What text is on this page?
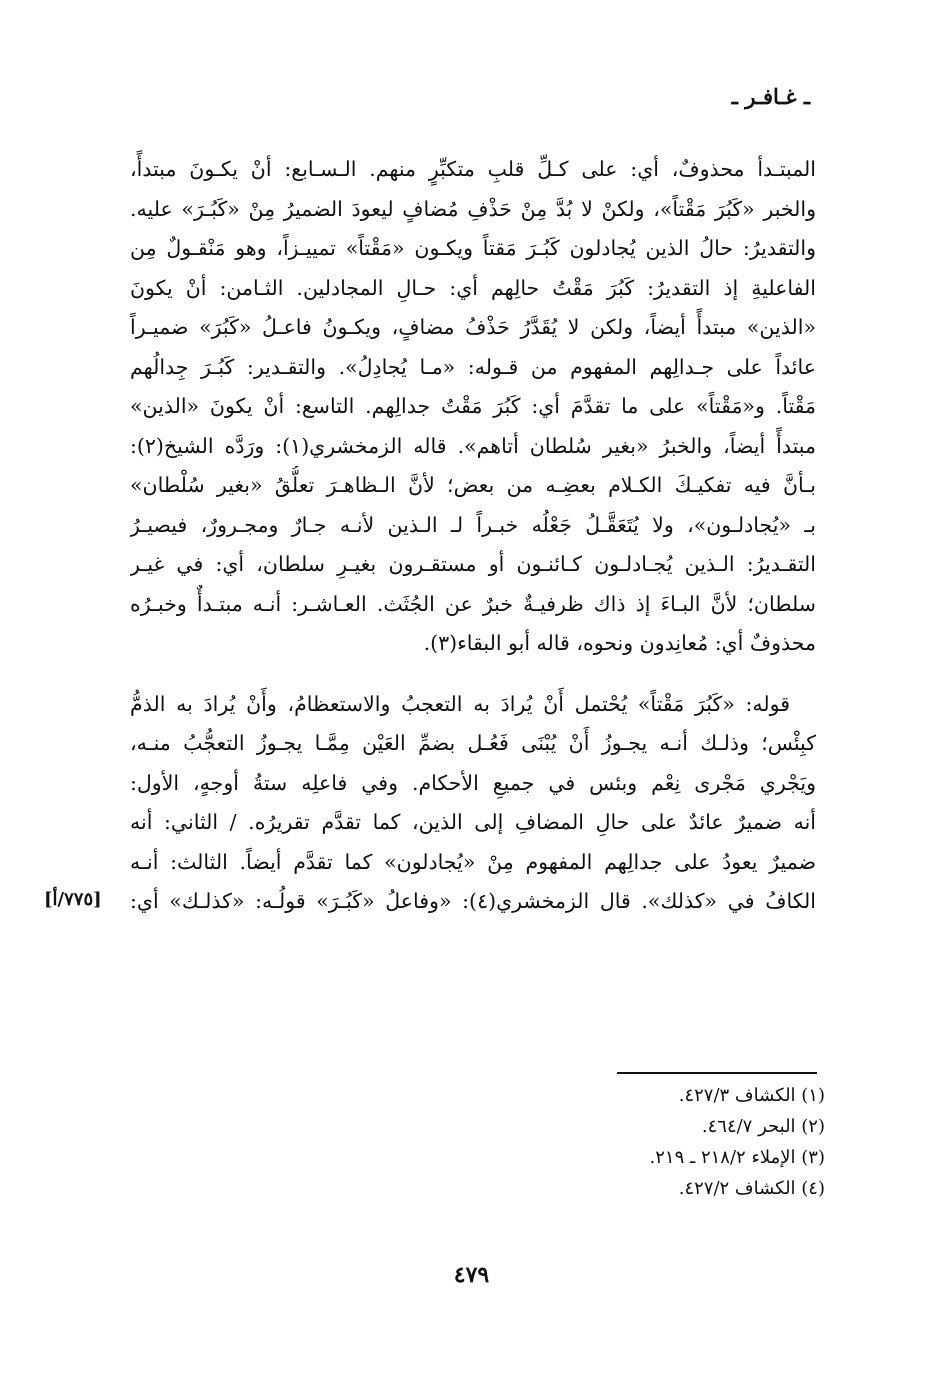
ـ غـافـر ـ
المبتـدأ محذوفٌ، أي: على كـلِّ قلبِ متكبِّرٍ منهم. الـسـابع: أنْ يكـونَ مبتدأً،
والخبر «كَبُرَ مَقْتاً»، ولكنْ لا بُدَّ مِنْ حَذْفِ مُضافٍ ليعودَ الضميرُ مِنْ «كَبُـرَ» عليه.
والتقديرُ: حالُ الذين يُجادلون كَبُـرَ مَقتاً ويكـون «مَقْتاً» تمييـزاً، وهو مَنْقـولٌ مِن
الفاعليةِ إذ التقديرُ: كَبُرَ مَقْتُ حالِهم أي: حـالِ المجادلين. الثـامن: أنْ يكونَ
«الذين» مبتدأً أيضاً، ولكن لا يُقَدَّرُ حَذْفُ مضافٍ، ويكـونُ فاعـلُ «كَبُرَ» ضميـراً
عائداً على جـدالِهم المفهوم من قـوله: «مـا يُجادِلُ». والتقـدير: كَبُـرَ جِدالُهم
مَقْتاً. و«مَقْتاً» على ما تقدَّمَ أي: كَبُرَ مَقْتُ جدالِهم. التاسع: أنْ يكونَ «الذين»
مبتدأً أيضاً، والخبرُ «بغير سُلطان أتاهم». قاله الزمخشري(١): ورَدَّه الشيخ(٢):
بـأنَّ فيه تفكيـكَ الكـلام بعضِـه من بعض؛ لأنَّ الـظاهـرَ تعلُّقُ «بغير سُلْطان»
بـ «يُجادلـون»، ولا يُتَعَقَّـلُ جَعْلُه خبـراً لـ الـذين لأنـه جـارٌ ومجـرورٌ، فيصيـرُ
التقـديرُ: الـذين يُجـادلـون كـائنـون أو مستقـرون بغيـرِ سلطان، أي: في غيـر
سلطان؛ لأنَّ البـاءَ إذ ذاك ظرفيـةٌ خبرٌ عن الجُثَث. العـاشـر: أنـه مبتـدأٌ وخبـرُه
محذوفٌ أي: مُعانِدون ونحوه، قاله أبو البقاء(٣).
قوله: «كَبُرَ مَقْتاً» يُحْتمل أَنْ يُرادَ به التعجبُ والاستعظامُ، وأَنْ يُرادَ به الذمُّ
كبِئْس؛ وذلـك أنـه يجـوزُ أَنْ يُبْنَى فَعُـل بضمِّ العَيْن مِمَّـا يجـوزُ التعجُّبُ منـه،
ويَجْري مَجْرى نِعْم وبئس في جميعِ الأحكام. وفي فاعلِه ستةُ أوجهٍ، الأول:
أنه ضميرٌ عائدٌ على حالِ المضافِ إلى الذين، كما تقدَّم تقريرُه. / الثاني: أنه
ضميرٌ يعودُ على جدالِهم المفهوم مِنْ «يُجادلون» كما تقدَّم أيضاً. الثالث: أنـه
الكافُ في «كذلك». قال الزمخشري(٤): «وفاعلُ «كَبُـرَ» قولُـه: «كذلـك» أي:
[٧٧٥/أ]
(١) الكشاف ٤٢٧/٣.
(٢) البحر ٤٦٤/٧.
(٣) الإملاء ٢١٨/٢ ـ ٢١٩.
(٤) الكشاف ٤٢٧/٢.
٤٧٩
